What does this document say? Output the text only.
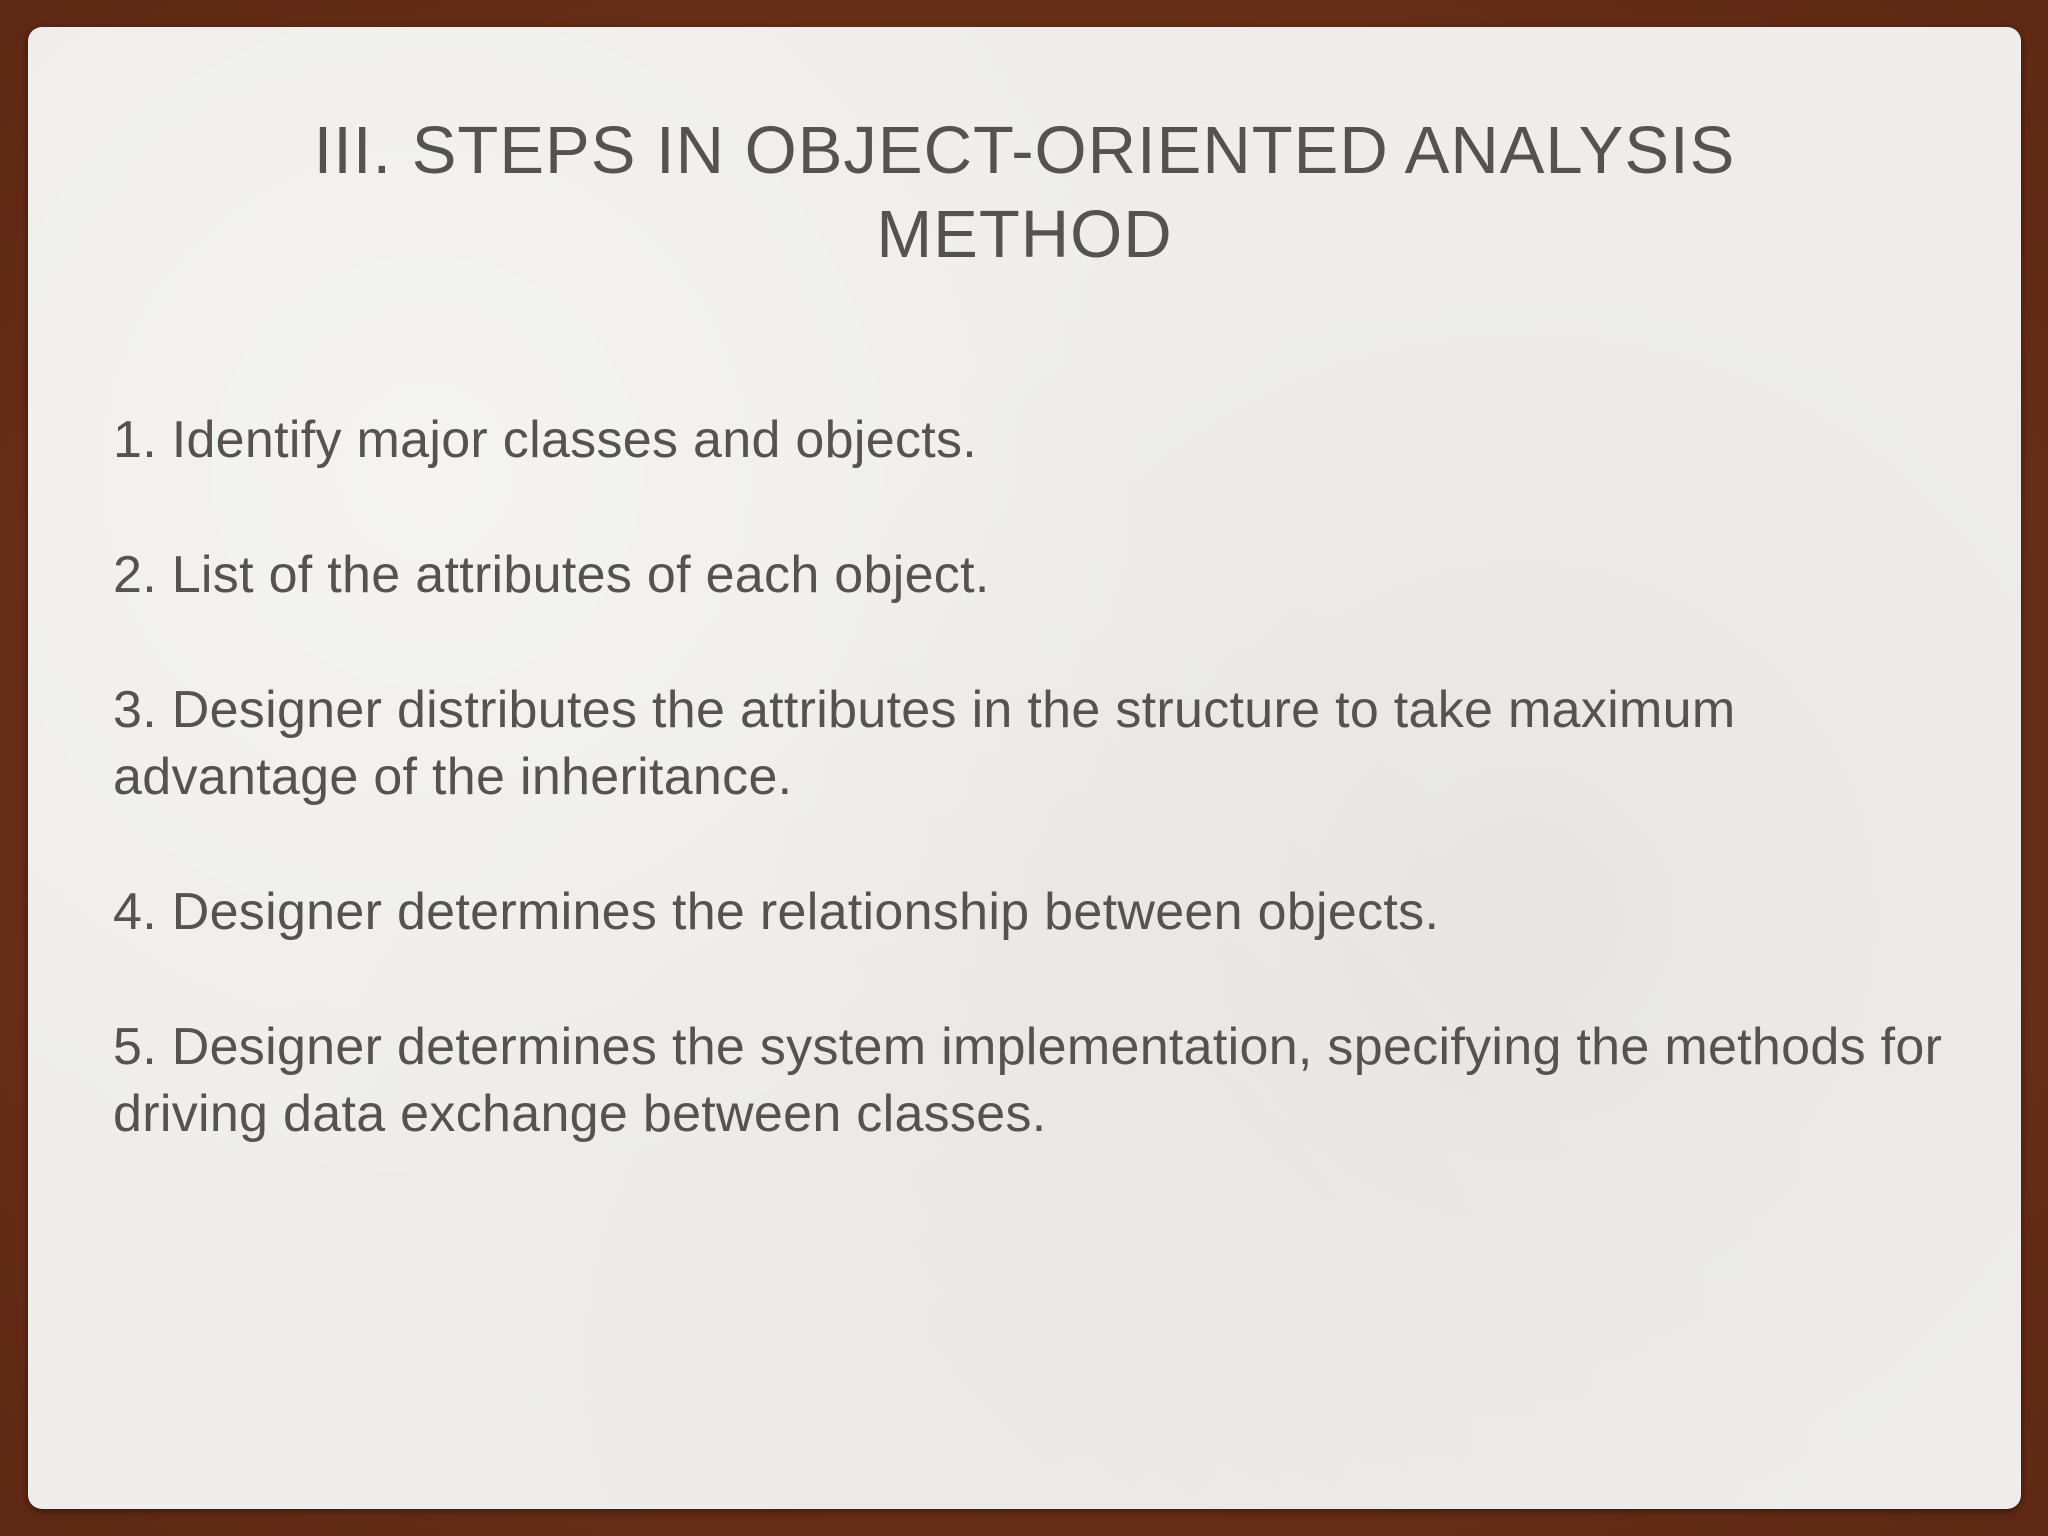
III. STEPS IN OBJECT-ORIENTED ANALYSIS
METHOD
1. Identify major classes and objects.
2. List of the attributes of each object.
3. Designer distributes the attributes in the structure to take maximum advantage of the inheritance.
4. Designer determines the relationship between objects.
5. Designer determines the system implementation, specifying the methods for driving data exchange between classes.
